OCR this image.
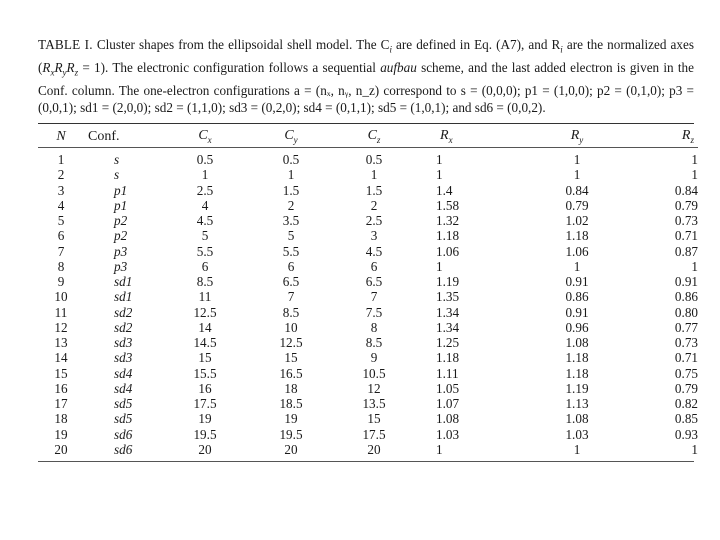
TABLE I. Cluster shapes from the ellipsoidal shell model. The $C_i$ are defined in Eq. (A7), and $R_i$ are the normalized axes $(R_xR_yR_z = 1)$. The electronic configuration follows a sequential aufbau scheme, and the last added electron is given in the Conf. column. The one-electron configurations a = (nₓ, nᵧ, n_z) correspond to s = (0,0,0); p1 = (1,0,0); p2 = (0,1,0); p3 = (0,0,1); sd1 = (2,0,0); sd2 = (1,1,0); sd3 = (0,2,0); sd4 = (0,1,1); sd5 = (1,0,1); and sd6 = (0,0,2).

N	Conf.	$C_x$	$C_y$	$C_z$	$R_x$	$R_y$	$R_z$

1	s	0.5	0.5	0.5	1	1	1
2	s	1	1	1	1	1	1
3	p1	2.5	1.5	1.5	1.4	0.84	0.84
4	p1	4	2	2	1.58	0.79	0.79
5	p2	4.5	3.5	2.5	1.32	1.02	0.73
6	p2	5	5	3	1.18	1.18	0.71
7	p3	5.5	5.5	4.5	1.06	1.06	0.87
8	p3	6	6	6	1	1	1
9	sd1	8.5	6.5	6.5	1.19	0.91	0.91
10	sd1	11	7	7	1.35	0.86	0.86
11	sd2	12.5	8.5	7.5	1.34	0.91	0.80
12	sd2	14	10	8	1.34	0.96	0.77
13	sd3	14.5	12.5	8.5	1.25	1.08	0.73
14	sd3	15	15	9	1.18	1.18	0.71
15	sd4	15.5	16.5	10.5	1.11	1.18	0.75
16	sd4	16	18	12	1.05	1.19	0.79
17	sd5	17.5	18.5	13.5	1.07	1.13	0.82
18	sd5	19	19	15	1.08	1.08	0.85
19	sd6	19.5	19.5	17.5	1.03	1.03	0.93
20	sd6	20	20	20	1	1	1
